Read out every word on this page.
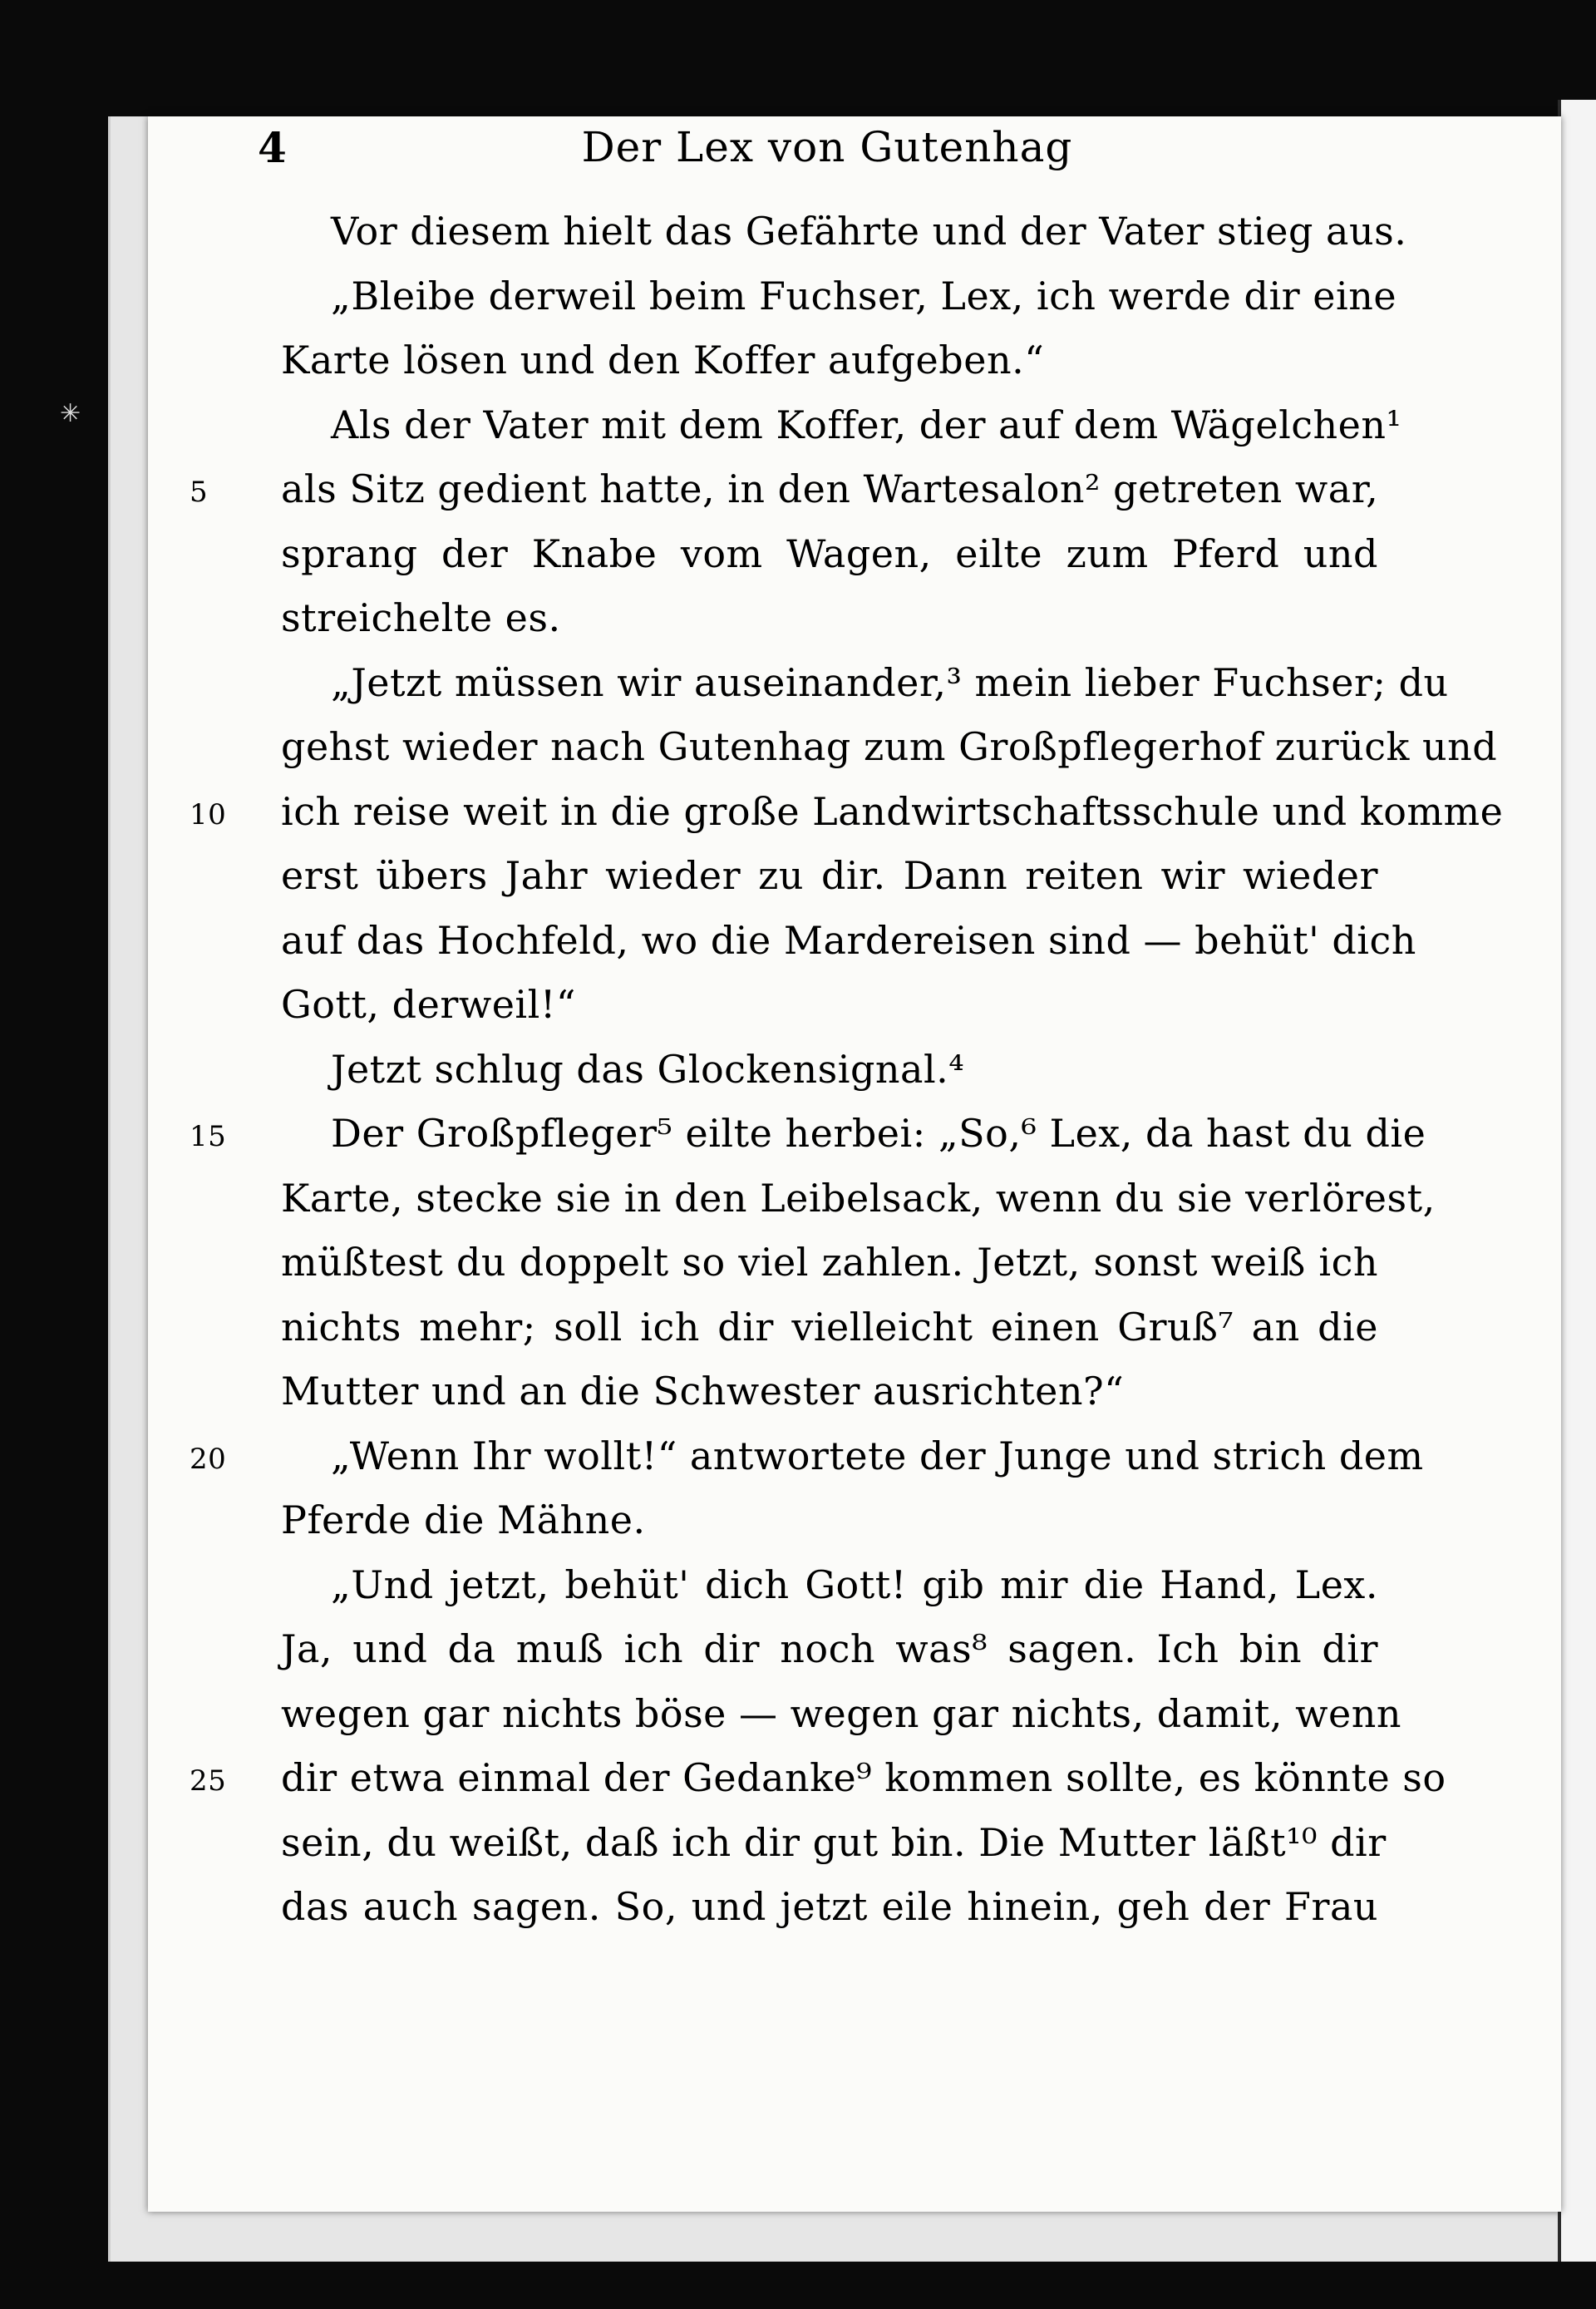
✳
4	Der Lex von Gutenhag
Vor diesem hielt das Gefährte und der Vater stieg aus.
„Bleibe derweil beim Fuchser, Lex, ich werde dir eine
Karte lösen und den Koffer aufgeben.“
Als der Vater mit dem Koffer, der auf dem Wägelchen¹
5	als Sitz gedient hatte, in den Wartesalon² getreten war,
sprang der Knabe vom Wagen, eilte zum Pferd und
streichelte es.
„Jetzt müssen wir auseinander,³ mein lieber Fuchser; du
gehst wieder nach Gutenhag zum Großpflegerhof zurück und
10	ich reise weit in die große Landwirtschaftsschule und komme
erst übers Jahr wieder zu dir. Dann reiten wir wieder
auf das Hochfeld, wo die Mardereisen sind — behüt' dich
Gott, derweil!“
Jetzt schlug das Glockensignal.⁴
15	Der Großpfleger⁵ eilte herbei: „So,⁶ Lex, da hast du die
Karte, stecke sie in den Leibelsack, wenn du sie verlörest,
müßtest du doppelt so viel zahlen. Jetzt, sonst weiß ich
nichts mehr; soll ich dir vielleicht einen Gruß⁷ an die
Mutter und an die Schwester ausrichten?“
20	„Wenn Ihr wollt!“ antwortete der Junge und strich dem
Pferde die Mähne.
„Und jetzt, behüt' dich Gott! gib mir die Hand, Lex.
Ja, und da muß ich dir noch was⁸ sagen. Ich bin dir
wegen gar nichts böse — wegen gar nichts, damit, wenn
25	dir etwa einmal der Gedanke⁹ kommen sollte, es könnte so
sein, du weißt, daß ich dir gut bin. Die Mutter läßt¹⁰ dir
das auch sagen. So, und jetzt eile hinein, geh der Frau
